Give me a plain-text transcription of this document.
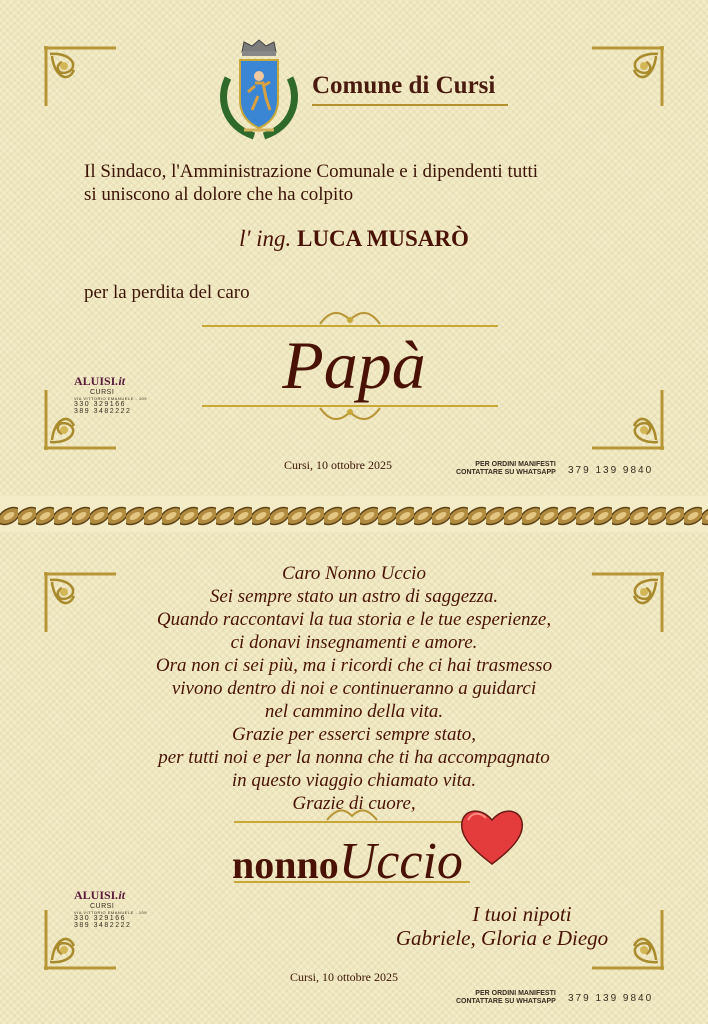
Comune di Cursi
Il Sindaco, l'Amministrazione Comunale e i dipendenti tutti
si uniscono al dolore che ha colpito
l' ing. LUCA MUSARÒ
per la perdita del caro
Papà
ALUISI.it
CURSI
VIA VITTORIO EMANUELE - 109
330 329166
389 3482222
Cursi, 10 ottobre 2025	PER ORDINI MANIFESTI
CONTATTARE SU WHATSAPP 379 139 9840

Caro Nonno Uccio

Sei sempre stato un astro di saggezza.

Quando raccontavi la tua storia e le tue esperienze,

ci donavi insegnamenti e amore.

Ora non ci sei più, ma i ricordi che ci hai trasmesso

vivono dentro di noi e continueranno a guidarci

nel cammino della vita.

Grazie per esserci sempre stato,

per tutti noi e per la nonna che ti ha accompagnato

in questo viaggio chiamato vita.

Grazie di cuore,

nonnoUccio
ALUISI.it
CURSI
VIA VITTORIO EMANUELE - 109
330 329166
389 3482222	I tuoi nipoti
Gabriele, Gloria e Diego
Cursi, 10 ottobre 2025
PER ORDINI MANIFESTI
CONTATTARE SU WHATSAPP 379 139 9840
